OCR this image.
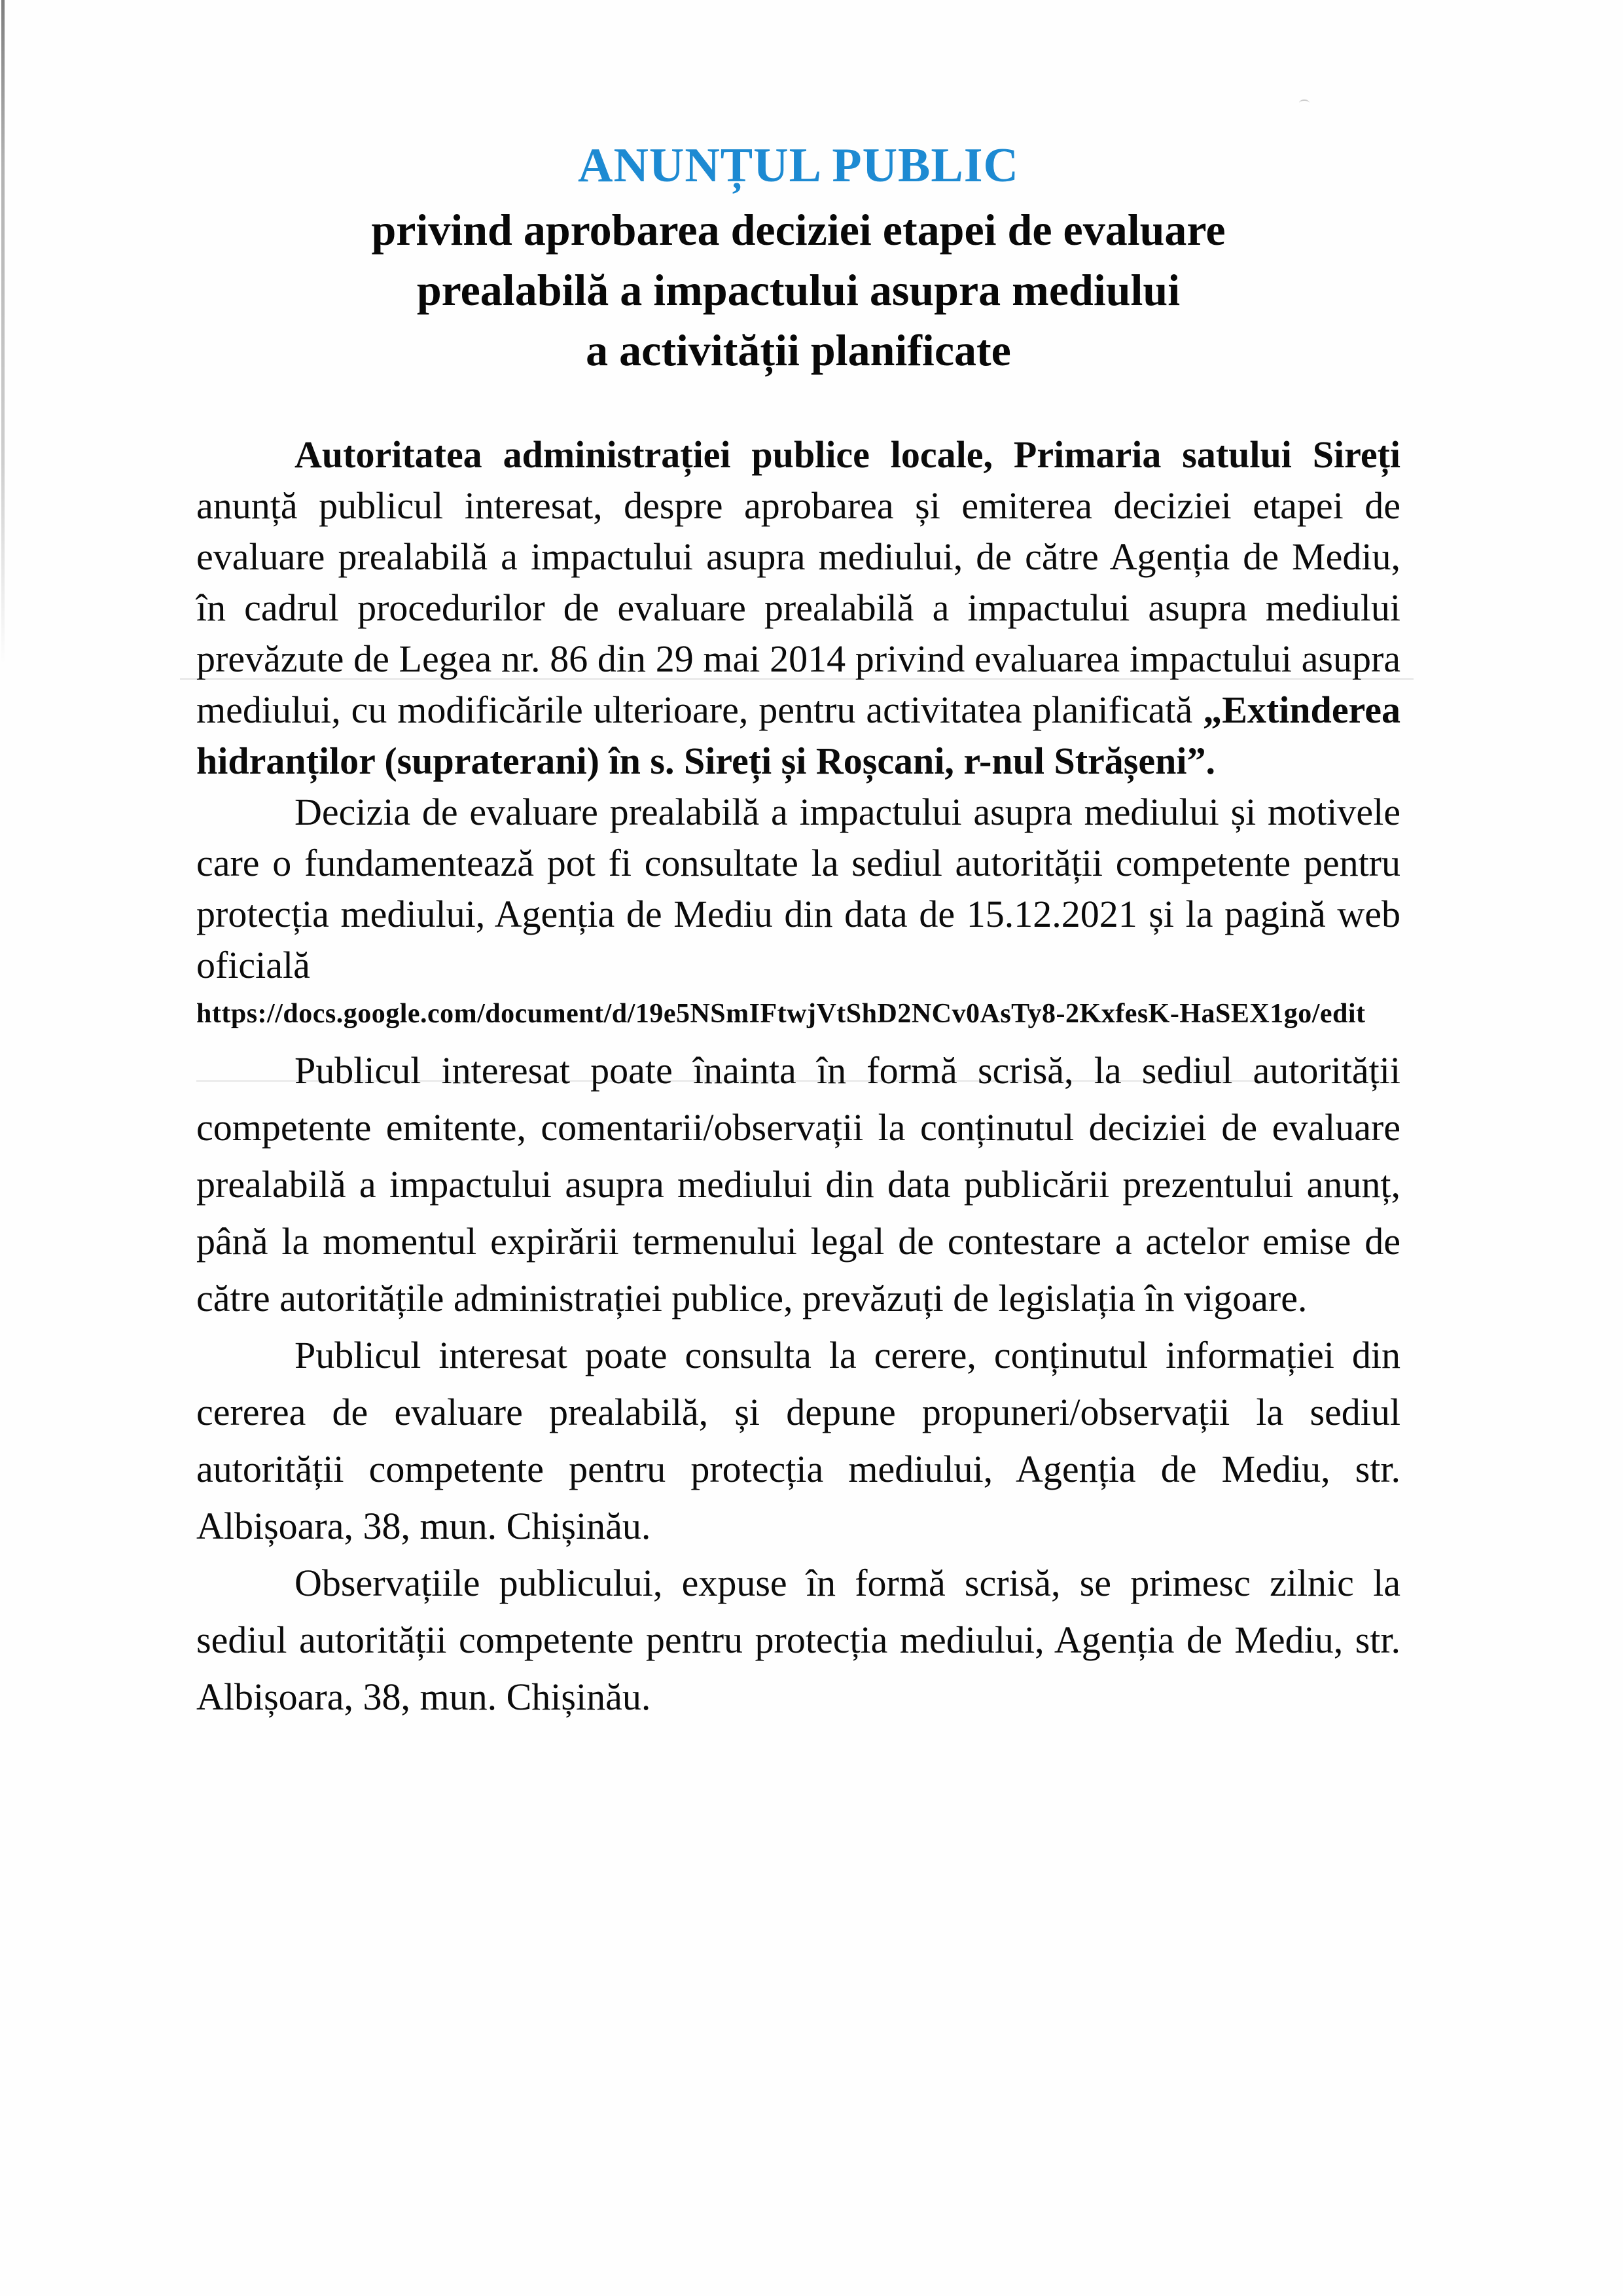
ANUNȚUL PUBLIC
privind aprobarea deciziei etapei de evaluare
prealabilă a impactului asupra mediului
a activității planificate

Autoritatea administrației publice locale, Primaria satului Sireți
anunță publicul interesat, despre aprobarea și emiterea deciziei etapei de evaluare prealabilă a impactului asupra mediului, de către Agenția de Mediu, în cadrul procedurilor de evaluare prealabilă a impactului asupra mediului prevăzute de Legea nr. 86 din 29 mai 2014 privind evaluarea impactului asupra mediului, cu modificările ulterioare, pentru activitatea planificată „Extinderea hidranților (supraterani) în s. Sireți și Roșcani, r-nul Strășeni”.

Decizia de evaluare prealabilă a impactului asupra mediului și motivele care o fundamentează pot fi consultate la sediul autorității competente pentru protecția mediului, Agenția de Mediu din data de 15.12.2021 și la pagină web oficială

https://docs.google.com/document/d/19e5NSmIFtwjVtShD2NCv0AsTy8-2KxfesK-HaSEX1go/edit

Publicul interesat poate înainta în formă scrisă, la sediul autorității competente emitente, comentarii/observații la conținutul deciziei de evaluare prealabilă a impactului asupra mediului din data publicării prezentului anunț, până la momentul expirării termenului legal de contestare a actelor emise de către autoritățile administrației publice, prevăzuți de legislația în vigoare.

Publicul interesat poate consulta la cerere, conținutul informației din cererea de evaluare prealabilă, și depune propuneri/observații la sediul autorității competente pentru protecția mediului, Agenția de Mediu, str. Albișoara, 38, mun. Chișinău.

Observațiile publicului, expuse în formă scrisă, se primesc zilnic la sediul autorității competente pentru protecția mediului, Agenția de Mediu, str. Albișoara, 38, mun. Chișinău.
